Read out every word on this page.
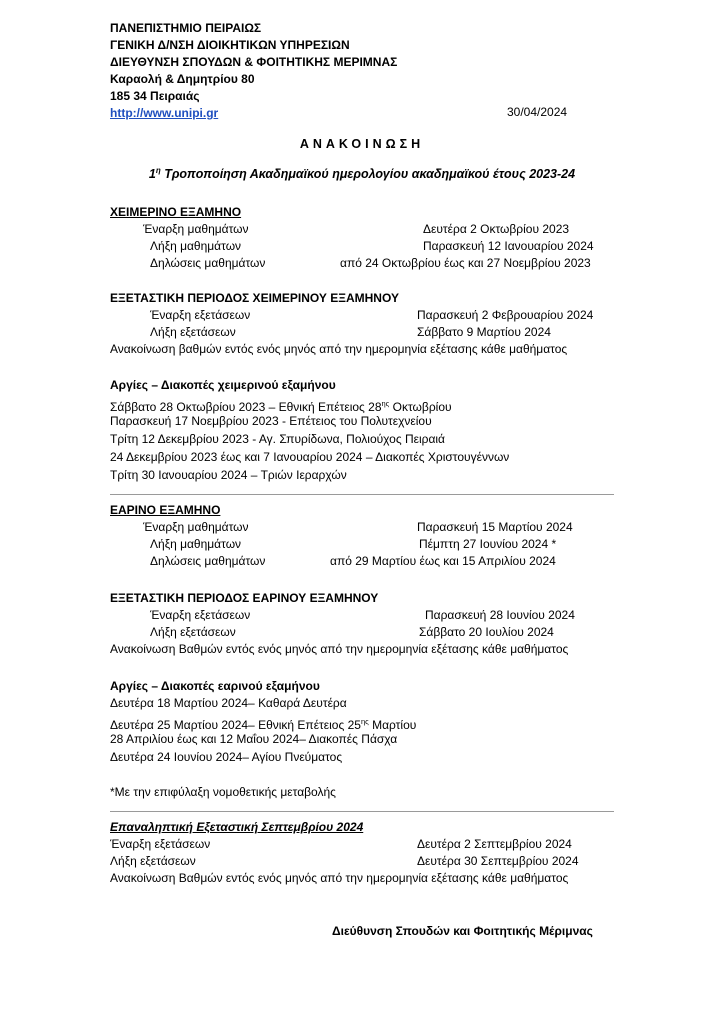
ΠΑΝΕΠΙΣΤΗΜΙΟ ΠΕΙΡΑΙΩΣ
ΓΕΝΙΚΗ Δ/ΝΣΗ ΔΙΟΙΚΗΤΙΚΩΝ ΥΠΗΡΕΣΙΩΝ
ΔΙΕΥΘΥΝΣΗ ΣΠΟΥΔΩΝ & ΦΟΙΤΗΤΙΚΗΣ ΜΕΡΙΜΝΑΣ
Καραολή & Δημητρίου 80
185 34 Πειραιάς
http://www.unipi.gr	30/04/2024
ΑΝΑΚΟΙΝΩΣΗ
$1^\eta$ Τροποποίηση Ακαδημαϊκού ημερολογίου ακαδημαϊκού έτους 2023-24
ΧΕΙΜΕΡΙΝΟ ΕΞΑΜΗΝΟ
Έναρξη μαθημάτων	Δευτέρα 2 Οκτωβρίου 2023
Λήξη μαθημάτων	Παρασκευή 12 Ιανουαρίου 2024
Δηλώσεις μαθημάτων	από 24 Οκτωβρίου έως και 27 Νοεμβρίου 2023
ΕΞΕΤΑΣΤΙΚΗ ΠΕΡΙΟΔΟΣ ΧΕΙΜΕΡΙΝΟΥ ΕΞΑΜΗΝΟΥ
Έναρξη εξετάσεων	Παρασκευή 2 Φεβρουαρίου 2024
Λήξη εξετάσεων	Σάββατο 9 Μαρτίου 2024
Ανακοίνωση βαθμών εντός ενός μηνός από την ημερομηνία εξέτασης κάθε μαθήματος
Αργίες – Διακοπές χειμερινού εξαμήνου
Σάββατο 28 Οκτωβρίου 2023 – Εθνική Επέτειος $28^{\eta\varsigma}$ Οκτωβρίου
Παρασκευή 17 Νοεμβρίου 2023 - Επέτειος του Πολυτεχνείου
Τρίτη 12 Δεκεμβρίου 2023 - Αγ. Σπυρίδωνα, Πολιούχος Πειραιά
24 Δεκεμβρίου 2023 έως και 7 Ιανουαρίου 2024 – Διακοπές Χριστουγέννων
Τρίτη 30 Ιανουαρίου 2024 – Τριών Ιεραρχών
ΕΑΡΙΝΟ ΕΞΑΜΗΝΟ
Έναρξη μαθημάτων	Παρασκευή 15 Μαρτίου 2024
Λήξη μαθημάτων	Πέμπτη 27 Ιουνίου 2024 *
Δηλώσεις μαθημάτων	από 29 Μαρτίου έως και 15 Απριλίου 2024
ΕΞΕΤΑΣΤΙΚΗ ΠΕΡΙΟΔΟΣ ΕΑΡΙΝΟΥ ΕΞΑΜΗΝΟΥ
Έναρξη εξετάσεων	Παρασκευή 28 Ιουνίου 2024
Λήξη εξετάσεων	Σάββατο 20 Ιουλίου 2024
Ανακοίνωση Βαθμών εντός ενός μηνός από την ημερομηνία εξέτασης κάθε μαθήματος
Αργίες – Διακοπές εαρινού εξαμήνου
Δευτέρα 18 Μαρτίου 2024– Καθαρά Δευτέρα
Δευτέρα 25 Μαρτίου 2024– Εθνική Επέτειος $25^{\eta\varsigma}$ Μαρτίου
28 Απριλίου έως και 12 Μαΐου 2024– Διακοπές Πάσχα
Δευτέρα 24 Ιουνίου 2024– Αγίου Πνεύματος
*Με την επιφύλαξη νομοθετικής μεταβολής
Επαναληπτική Εξεταστική Σεπτεμβρίου 2024
Έναρξη εξετάσεων	Δευτέρα 2 Σεπτεμβρίου 2024
Λήξη εξετάσεων	Δευτέρα 30 Σεπτεμβρίου 2024
Ανακοίνωση Βαθμών εντός ενός μηνός από την ημερομηνία εξέτασης κάθε μαθήματος
Διεύθυνση Σπουδών και Φοιτητικής Μέριμνας
